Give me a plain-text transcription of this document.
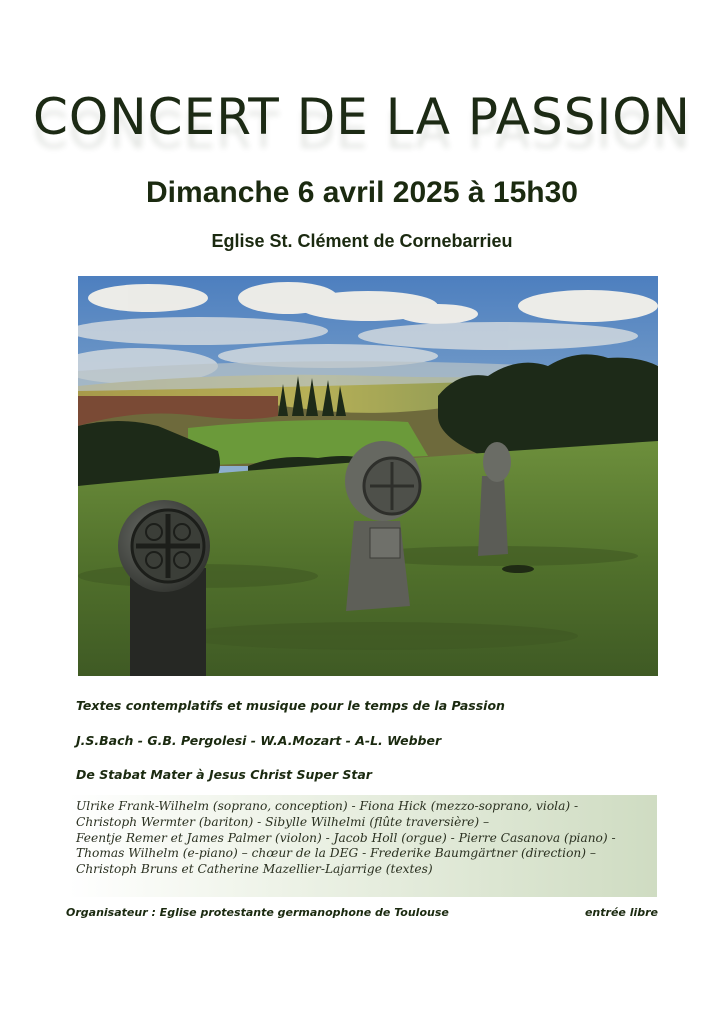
CONCERT DE LA PASSION
Dimanche 6 avril 2025 à 15h30
Eglise St. Clément de Cornebarrieu
Textes contemplatifs et musique pour le temps de la Passion
J.S.Bach - G.B. Pergolesi - W.A.Mozart - A-L. Webber
De Stabat Mater à Jesus Christ Super Star

Ulrike Frank-Wilhelm (soprano, conception) - Fiona Hick (mezzo-soprano, viola) -

Christoph Wermter (bariton) - Sibylle Wilhelmi (flûte traversière) –

Feentje Remer et James Palmer (violon) - Jacob Holl (orgue) - Pierre Casanova (piano) -

Thomas Wilhelm (e-piano) – chœur de la DEG - Frederike Baumgärtner (direction) –

Christoph Bruns et Catherine Mazellier-Lajarrige (textes)

Organisateur : Eglise protestante germanophone de Toulouse	entrée libre
